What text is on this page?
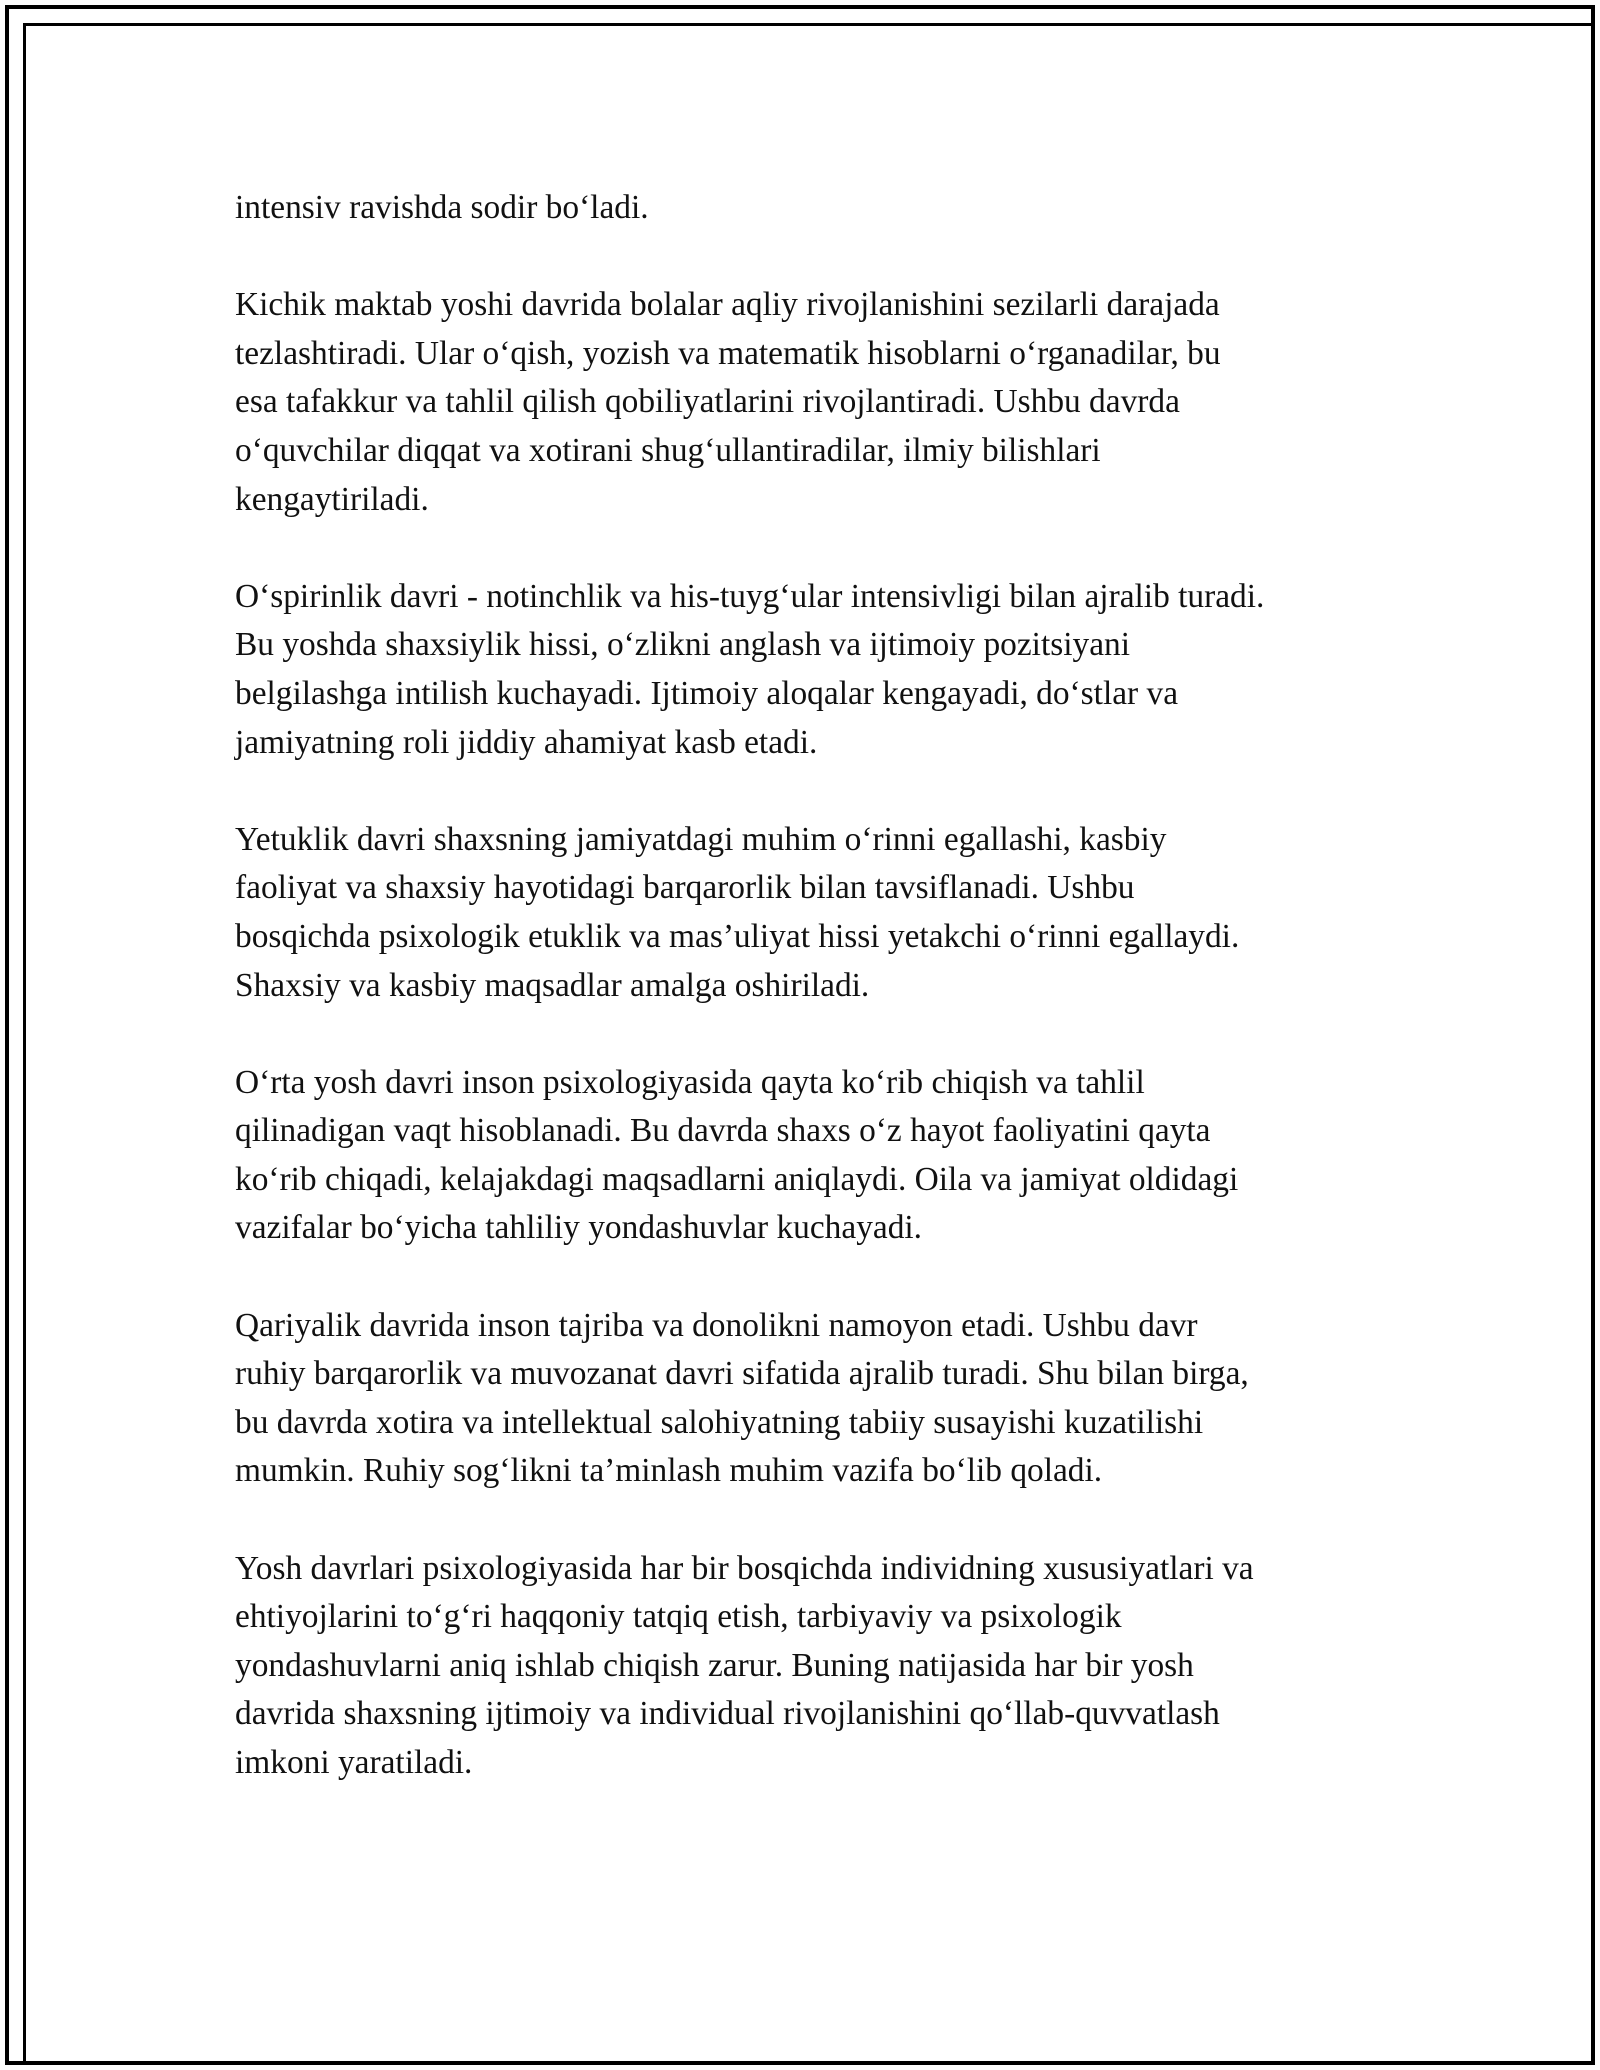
intensiv ravishda sodir bo‘ladi.

Kichik maktab yoshi davrida bolalar aqliy rivojlanishini sezilarli darajada
tezlashtiradi. Ular o‘qish, yozish va matematik hisoblarni o‘rganadilar, bu
esa tafakkur va tahlil qilish qobiliyatlarini rivojlantiradi. Ushbu davrda
o‘quvchilar diqqat va xotirani shug‘ullantiradilar, ilmiy bilishlari
kengaytiriladi.

O‘spirinlik davri - notinchlik va his-tuyg‘ular intensivligi bilan ajralib turadi.
Bu yoshda shaxsiylik hissi, o‘zlikni anglash va ijtimoiy pozitsiyani
belgilashga intilish kuchayadi. Ijtimoiy aloqalar kengayadi, do‘stlar va
jamiyatning roli jiddiy ahamiyat kasb etadi.

Yetuklik davri shaxsning jamiyatdagi muhim o‘rinni egallashi, kasbiy
faoliyat va shaxsiy hayotidagi barqarorlik bilan tavsiflanadi. Ushbu
bosqichda psixologik etuklik va mas’uliyat hissi yetakchi o‘rinni egallaydi.
Shaxsiy va kasbiy maqsadlar amalga oshiriladi.

O‘rta yosh davri inson psixologiyasida qayta ko‘rib chiqish va tahlil
qilinadigan vaqt hisoblanadi. Bu davrda shaxs o‘z hayot faoliyatini qayta
ko‘rib chiqadi, kelajakdagi maqsadlarni aniqlaydi. Oila va jamiyat oldidagi
vazifalar bo‘yicha tahliliy yondashuvlar kuchayadi.

Qariyalik davrida inson tajriba va donolikni namoyon etadi. Ushbu davr
ruhiy barqarorlik va muvozanat davri sifatida ajralib turadi. Shu bilan birga,
bu davrda xotira va intellektual salohiyatning tabiiy susayishi kuzatilishi
mumkin. Ruhiy sog‘likni ta’minlash muhim vazifa bo‘lib qoladi.

Yosh davrlari psixologiyasida har bir bosqichda individning xususiyatlari va
ehtiyojlarini to‘g‘ri haqqoniy tatqiq etish, tarbiyaviy va psixologik
yondashuvlarni aniq ishlab chiqish zarur. Buning natijasida har bir yosh
davrida shaxsning ijtimoiy va individual rivojlanishini qo‘llab-quvvatlash
imkoni yaratiladi.
